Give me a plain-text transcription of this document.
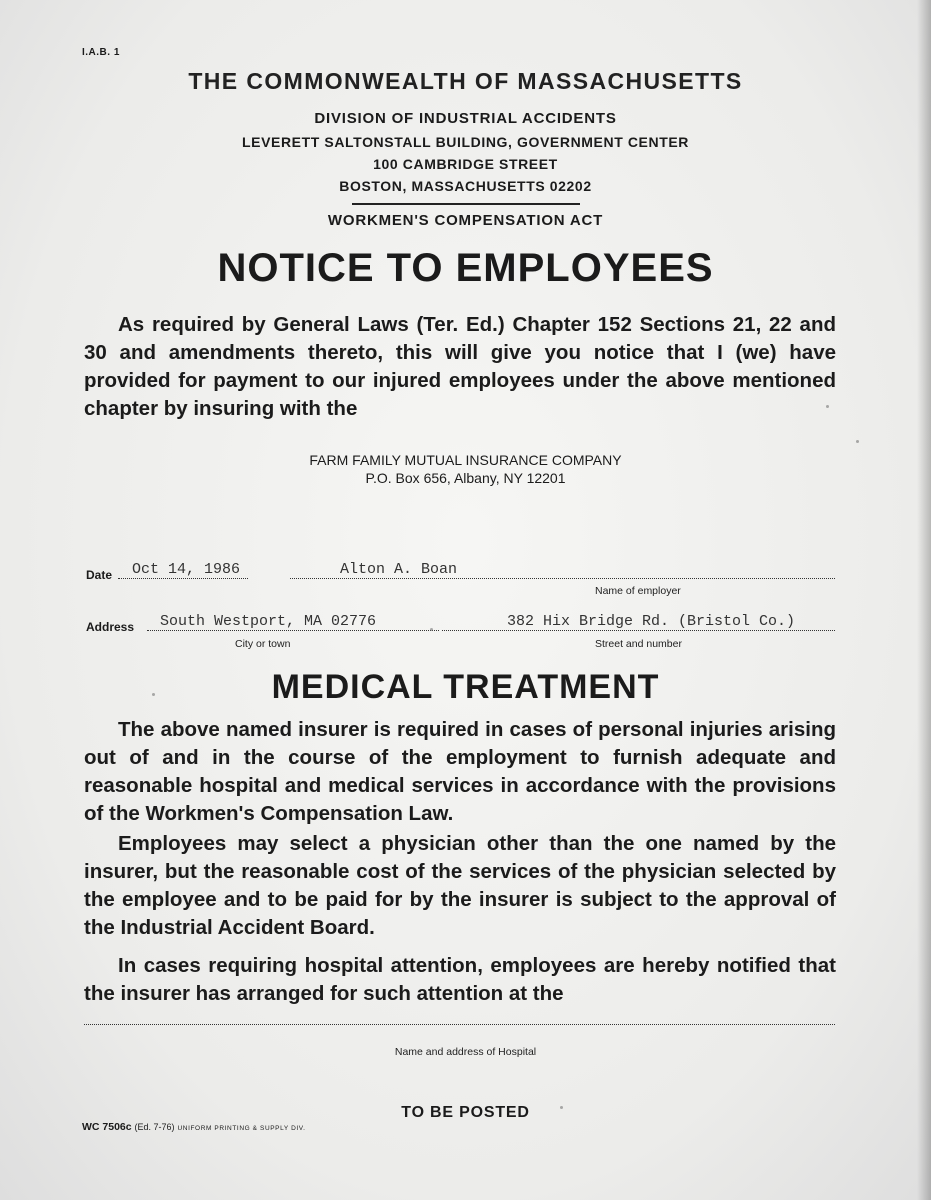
I.A.B. 1
THE COMMONWEALTH OF MASSACHUSETTS
DIVISION OF INDUSTRIAL ACCIDENTS
LEVERETT SALTONSTALL BUILDING, GOVERNMENT CENTER
100 CAMBRIDGE STREET
BOSTON, MASSACHUSETTS 02202
WORKMEN'S COMPENSATION ACT
NOTICE TO EMPLOYEES
As required by General Laws (Ter. Ed.) Chapter 152 Sections 21, 22 and 30 and amendments thereto, this will give you notice that I (we) have provided for payment to our injured employees under the above mentioned chapter by insuring with the
FARM FAMILY MUTUAL INSURANCE COMPANY
P.O. Box 656, Albany, NY 12201
Date Oct 14, 1986	Alton A. Boan
Name of employer
Address South Westport, MA 02776	382 Hix Bridge Rd. (Bristol Co.)
City or town	Street and number
MEDICAL TREATMENT
The above named insurer is required in cases of personal injuries arising out of and in the course of the employment to furnish adequate and reasonable hospital and medical services in accordance with the provisions of the Workmen's Compensation Law.
Employees may select a physician other than the one named by the insurer, but the reasonable cost of the services of the physician selected by the employee and to be paid for by the insurer is subject to the approval of the Industrial Accident Board.
In cases requiring hospital attention, employees are hereby notified that the insurer has arranged for such attention at the
Name and address of Hospital
TO BE POSTED
WC 7506c (Ed. 7-76) UNIFORM PRINTING & SUPPLY DIV.
